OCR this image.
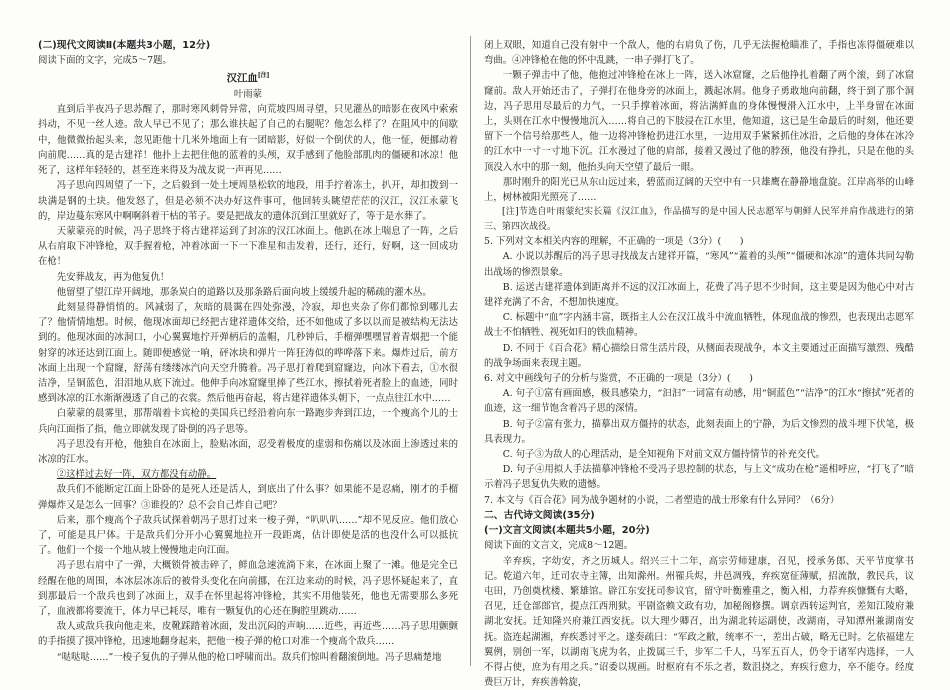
(二)现代文阅读Ⅱ(本题共3小题，12分)

阅读下面的文字，完成5～7题。

汉江血[注]

叶雨蒙

直到后半夜冯子思苏醒了，那时寒风刺骨异常，向荒坡四周寻望，只见灌丛的暗影在夜风中索索抖动，不见一丝人迹。敌人早已不见了；那么谁扶起了自己的右腿呢？他怎么样了？在阻风中的间歇中，他微微抬起头来，忽见距他十几米外地面上有一团暗影，好似一个倒伏的人，他一怔，便挪动着向前爬……真的是古建祥！他扑上去把住他的蓝着的头颅，双手感到了他脸部肌肉的僵硬和冰凉！他死了，这样年轻轻的，甚至连来得及为战友说一声再见……

冯子思向四周望了一下，之后毅到一处土埂周垦松软的地段，用手拧着冻土，扒开，却扣拨到一块满是钢的土块。他发怒了，但是必须不决办好这件事可，他回转头眺望茫茫的汉江，汉江永蒙飞的，岸边蔓东寒风中啊啊斜着干枯的苇子。要是把战友的遗体沉到江里就好了，等于是水葬了。

天蒙蒙亮的时候，冯子思终于将古建祥运到了封冻的汉江冰面上。他趴在冰上喘息了一阵，之后从右肩取下冲锋枪，双手握着枪，冲着冰面一下一下准星和击发着，还行，还行，好啊，这一回成功在枪！

先安葬战友，再为他复仇！

他留望了望江岸开阔地，那条炭白的道路以及那条路后面向坡上缓缓升起的稀疏的灌木丛。

此刻显得静悄悄的。风减弱了，灰暗的晨霭在四处弥漫，冷寂，却也夹杂了你们都惊到哪儿去了？他情情地想。时候，他现冰面却已经把古建祥遗体交给，还不如他成了多以以而是被结构无法达到的。他现冰面的冰洞口，小心翼翼地拧开弹柄后的盖帽，几秒钟后，手榴弹嘿嘿冒着青烟把一个能射穿的冰还达到江面上。随即便感觉一响，砰冰块和弹片一阵狂涛似的哗哗落下来。爆炸过后，前方冰面上出现一个窟窿，舒荡有缕缕冰汽向天空升腾着。冯子思打着爬到窟窿边，向冰下看去，①水很洁净，呈铜蓝色，泪泪地从底下流过。他伸手向冰窟窿里捧了些江水，擦拭着死者脸上的血迹，同时感到冰凉的江水渐渐漫透了自己的衣裳。然后他再奋起，将古建祥遗体头朝下，一点点往江水中……

白蒙蒙的晨雾里，那帮端着卡宾枪的美国兵已经沿着向东一路跑步奔到江边，一个瘦高个儿的士兵向江面指了指，他立即就发现了卧倒的冯子思等。

冯子思没有开枪，他独自在冰面上，脸贴冰面，忍受着极度的虚弱和伤痛以及冰面上渗透过来的冰凉的江水。

②这样过去好一阵，双方都没有动静。

敌兵们不能断定江面上卧卧的是死人还是活人，到底出了什么事？如果能不是忍痛，刚才的手榴弹爆炸又是怎么一回事？③谁投的？总不会自己炸自己吧？

后来，那个瘦高个子敌兵试探着朝冯子思打过来一梭子弹，“叭叭叭……”却不见反应。他们放心了，可能是具尸体。于是敌兵们分开小心翼翼地拉开一段距离，估计即使是活的也没什么可以抵抗了。他们一个接一个地从坡上慢慢地走向江面。

冯子思右肩中了一弹，大概锁骨被击碎了，鲜血急速流淌下来，在冰面上聚了一滩。他是完全已经醒在他的周围，本冰层冰冻后的被骨头变化在向前挪，在江边来动的时候，冯子思怀疑起来了，直到那最后一个敌兵也到了冰面上，双手在怀里起将冲锋枪，其实不用他装死，他也无需要那么多死了，血液都将要流干，体力早已耗尽，唯有一颗复仇的心还在胸腔里跳动……

敌人或敌兵我向他走来，皮靴踩踏着冰面，发出沉闷的声响……近些，再近些……冯子思用颤颤的手指摸了摸冲锋枪，迅速地翻身起来，把他一梭子弹的枪口对准一个瘦高个敌兵……

“哒哒哒……”一梭子复仇的子弹从他的枪口呼啸而出。敌兵们惊叫着翻滚倒地。冯子思痛楚地

闭上双眼，知道自己没有射中一个敌人，他的右肩负了伤，几乎无法握枪瞄准了，手指也冻得僵硬难以弯曲。④冲锋枪在他的怀中乱跳，一串子弹打飞了。

一颗子弹击中了他，他抱过冲锋枪在冰上一阵，送入冰窟窿，之后他挣扎着翻了两个滚，到了冰窟窿前。敌人开始还击了，子弹打在他身旁的冰面上，溅起冰屑。他身子勇敢地向前翻，终于到了那个洞边，冯子思用尽最后的力气，一只手撑着冰面，将沾满鲜血的身体慢慢滑入江水中，上半身留在冰面上，头则在江水中慢慢地沉入……将自己的下肢浸在江水里，他知道，这已是生命最后的时刻，他还要留下一个信号给那些人，他一边将冲锋枪扔进江水里，一边用双手紧紧抓住冰沿，之后他的身体在冰冷的江水中一寸一寸地下沉。江水漫过了他的肩部，接着又漫过了他的脖颈，他没有挣扎，只是在他的头顶没入水中的那一刻，他抬头向天空望了最后一眼。

那时刚升的阳光已从东山远过来，碧蓝而辽阔的天空中有一只雄鹰在静静地盘旋。江岸高举的山峰上，树林被阳光照亮了……

[注]节选自叶雨蒙纪实长篇《汉江血》，作品描写的是中国人民志愿军与朝鲜人民军并肩作战进行的第三、第四次战役。

5. 下列对文本相关内容的理解，不正确的一项是（3分）(　　)

A. 小说以苏醒后的冯子思寻找战友古建祥开篇，“寒风”“蓋着的头颅”“僵硬和冰凉”的遗体共同勾勒出战场的惨烈景象。

B. 运送古建祥遗体到距离并不远的汉江冰面上，花费了冯子思不少时间，这主要是因为他心中对古建祥充满了不舍，不想加快速度。

C. 标题中“血”字内涵丰富，既指主人公在汉江战斗中流血牺牲，体现血战的惨烈，也表现出志愿军战士不怕牺牲、视死如归的铁血精神。

D. 不同于《百合花》精心描绘日常生活片段，从侧面表现战争，本文主要通过正面描写激烈、残酷的战争场面来表现主题。

6. 对文中画线句子的分析与鉴赏，不正确的一项是（3分）(　　)

A. 句子①富有画面感，极具感染力，“汩汩”一词富有动感，用“铜蓝色”“洁净”的江水“擦拭”死者的血迹，这一细节饱含着冯子思的深情。

B. 句子②富有张力，描摹出双方僵持的状态，此刻表面上的宁静，为后文惨烈的战斗埋下伏笔，极具表现力。

C. 句子③为敌人的心理活动，是全知视角下对前文双方僵持情节的补充交代。

D. 句子④用拟人手法描摹冲锋枪不受冯子思控制的状态，与上文“成功在枪”遥相呼应，“打飞了”暗示着冯子思复仇失败的遗憾。

7. 本文与《百合花》同为战争题材的小说，二者塑造的战士形象有什么异同？（6分）

二、古代诗文阅读(35分)

(一)文言文阅读(本题共5小题，20分)

阅读下面的文言文，完成8～12题。

辛弃疾，字幼安，齐之历城人。绍兴三十二年，高宗劳师建康，召见，授承务郎、天平节度掌书记。乾道六年，迁司农寺主簿，出知滁州。州罹兵烬，井邑凋残，弃疾宽征薄赋，招流散，教民兵，议屯田，乃创奠枕楼、繁雄馆。辟江东安抚司参议官，留守叶衡雅重之，衡入相，力荐弃疾慷慨有大略，召见，迁仓部郎官，提点江西刑狱。平剧盗赖文政有功，加秘阁修撰。调京西转运判官，差知江陵府兼湖北安抚。迁知隆兴府兼江西安抚。以大理少卿召，出为湖北转运副使，改湖南，寻知潭州兼湖南安抚。盗连起湖湘，弃疾悉讨平之。遂奏疏曰：“军政之敝，统率不一，差出占破，略无已时。乞依福建左翼例，别创一军，以湖南飞虎为名，止拨属三千，步军二千人，马军五百人，仍令于诸军内选择，一人不得占使，庶为有用之兵。”诏委以规画。时枢府有不乐之者，数沮挠之，弃疾行愈力，卒不能夺。经度费巨万计，弃疾善斡旋，
